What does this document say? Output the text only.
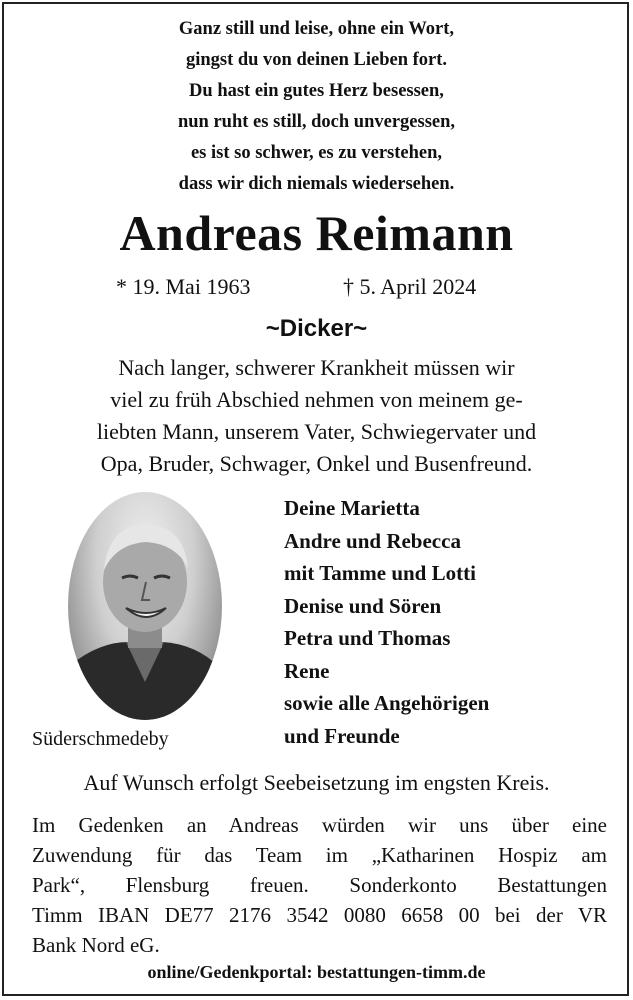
Ganz still und leise, ohne ein Wort,
gingst du von deinen Lieben fort.
Du hast ein gutes Herz besessen,
nun ruht es still, doch unvergessen,
es ist so schwer, es zu verstehen,
dass wir dich niemals wiedersehen.
Andreas Reimann
* 19. Mai 1963	† 5. April 2024
~Dicker~
Nach langer, schwerer Krankheit müssen wir
viel zu früh Abschied nehmen von meinem ge-
liebten Mann, unserem Vater, Schwiegervater und
Opa, Bruder, Schwager, Onkel und Busenfreund.
Süderschmedeby
Deine Marietta
Andre und Rebecca
mit Tamme und Lotti
Denise und Sören
Petra und Thomas
Rene
sowie alle Angehörigen
und Freunde
Auf Wunsch erfolgt Seebeisetzung im engsten Kreis.
Im Gedenken an Andreas würden wir uns über eine
Zuwendung für das Team im „Katharinen Hospiz am
Park“, Flensburg freuen. Sonderkonto Bestattungen
Timm IBAN DE77 2176 3542 0080 6658 00 bei der VR
Bank Nord eG.
online/Gedenkportal: bestattungen-timm.de
